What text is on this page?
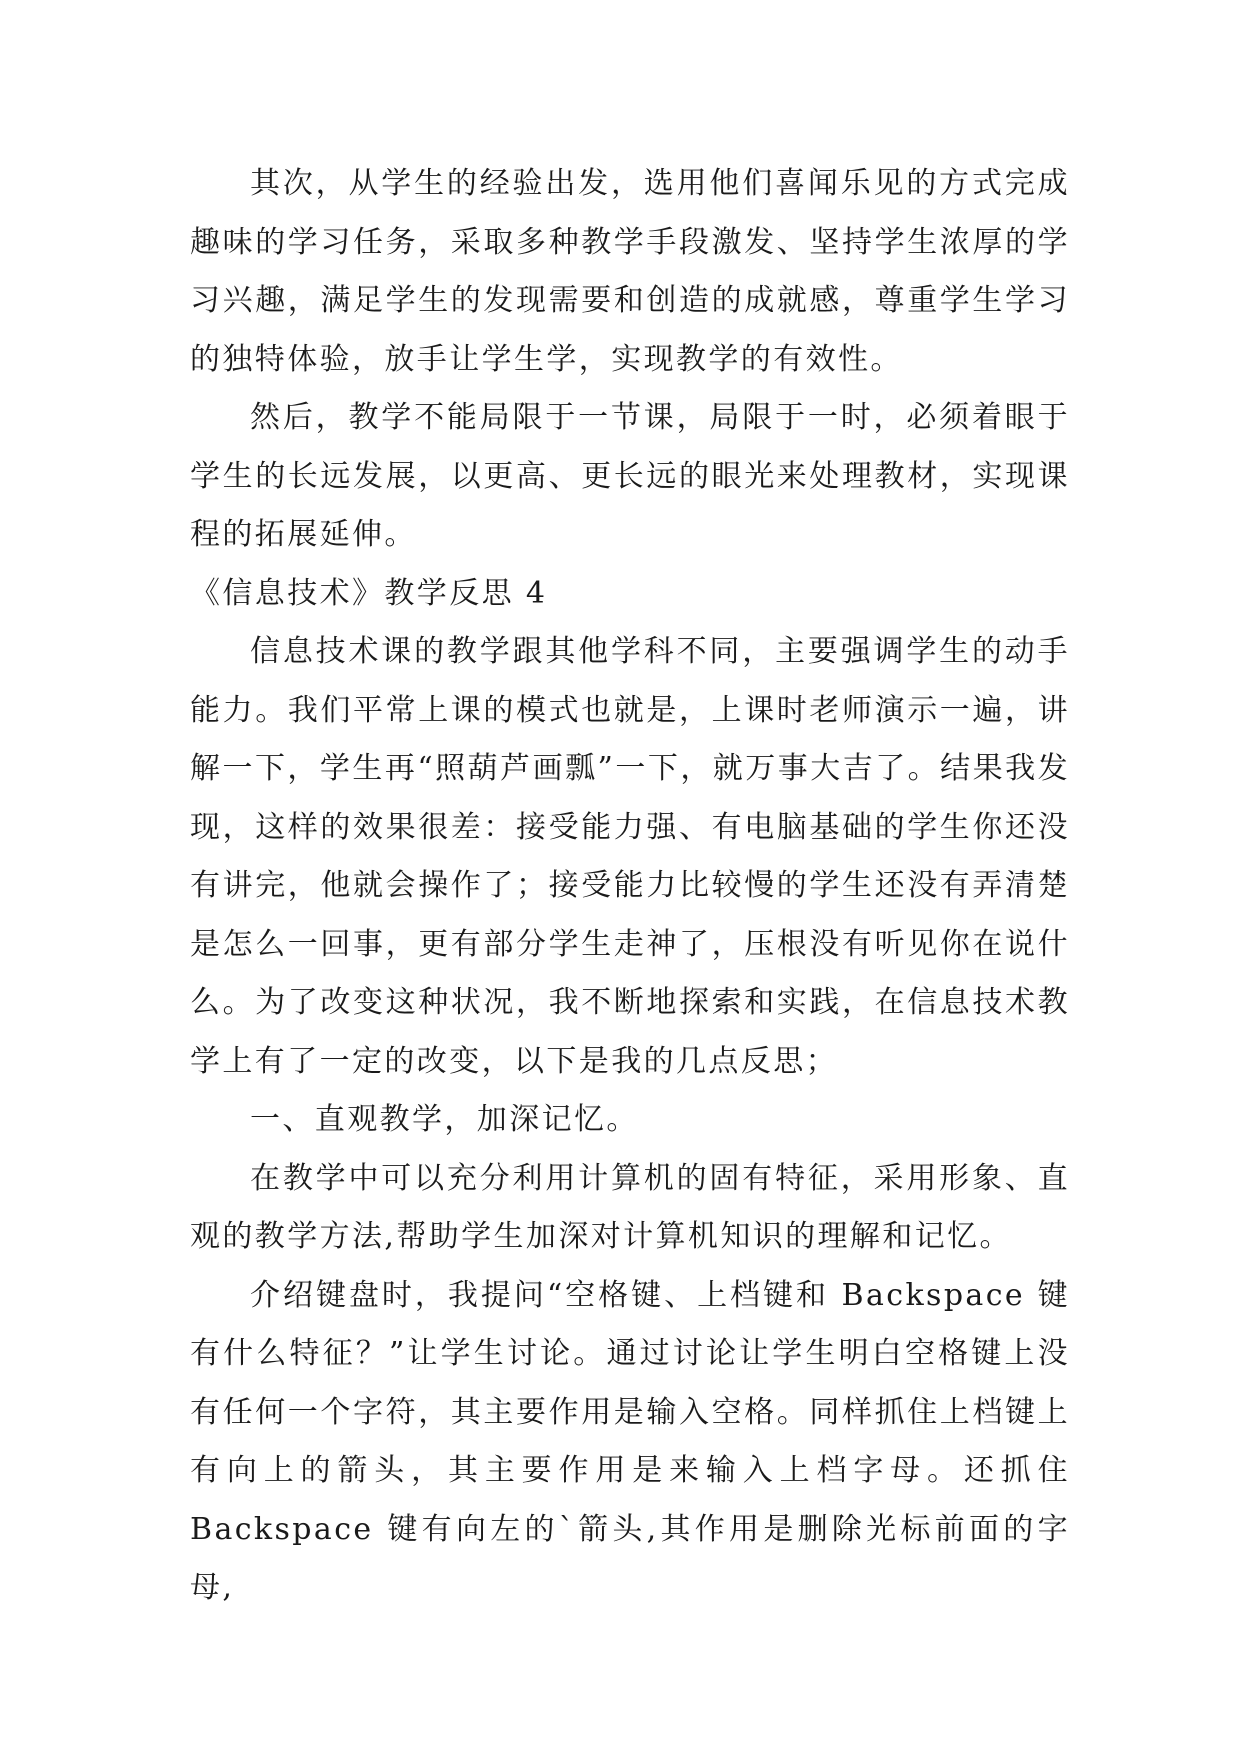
其次，从学生的经验出发，选用他们喜闻乐见的方式完成趣味的学习任务，采取多种教学手段激发、坚持学生浓厚的学习兴趣，满足学生的发现需要和创造的成就感，尊重学生学习的独特体验，放手让学生学，实现教学的有效性。

然后，教学不能局限于一节课，局限于一时，必须着眼于学生的长远发展，以更高、更长远的眼光来处理教材，实现课程的拓展延伸。

《信息技术》教学反思 4

信息技术课的教学跟其他学科不同，主要强调学生的动手能力。我们平常上课的模式也就是，上课时老师演示一遍，讲解一下，学生再“照葫芦画瓢”一下，就万事大吉了。结果我发现，这样的效果很差：接受能力强、有电脑基础的学生你还没有讲完，他就会操作了；接受能力比较慢的学生还没有弄清楚是怎么一回事，更有部分学生走神了，压根没有听见你在说什么。为了改变这种状况，我不断地探索和实践，在信息技术教学上有了一定的改变，以下是我的几点反思；

一、直观教学，加深记忆。

在教学中可以充分利用计算机的固有特征，采用形象、直观的教学方法,帮助学生加深对计算机知识的理解和记忆。

介绍键盘时，我提问“空格键、上档键和 Backspace 键有什么特征？”让学生讨论。通过讨论让学生明白空格键上没有任何一个字符，其主要作用是输入空格。同样抓住上档键上有向上的箭头，其主要作用是来输入上档字母。还抓住 Backspace 键有向左的`箭头,其作用是删除光标前面的字母,
